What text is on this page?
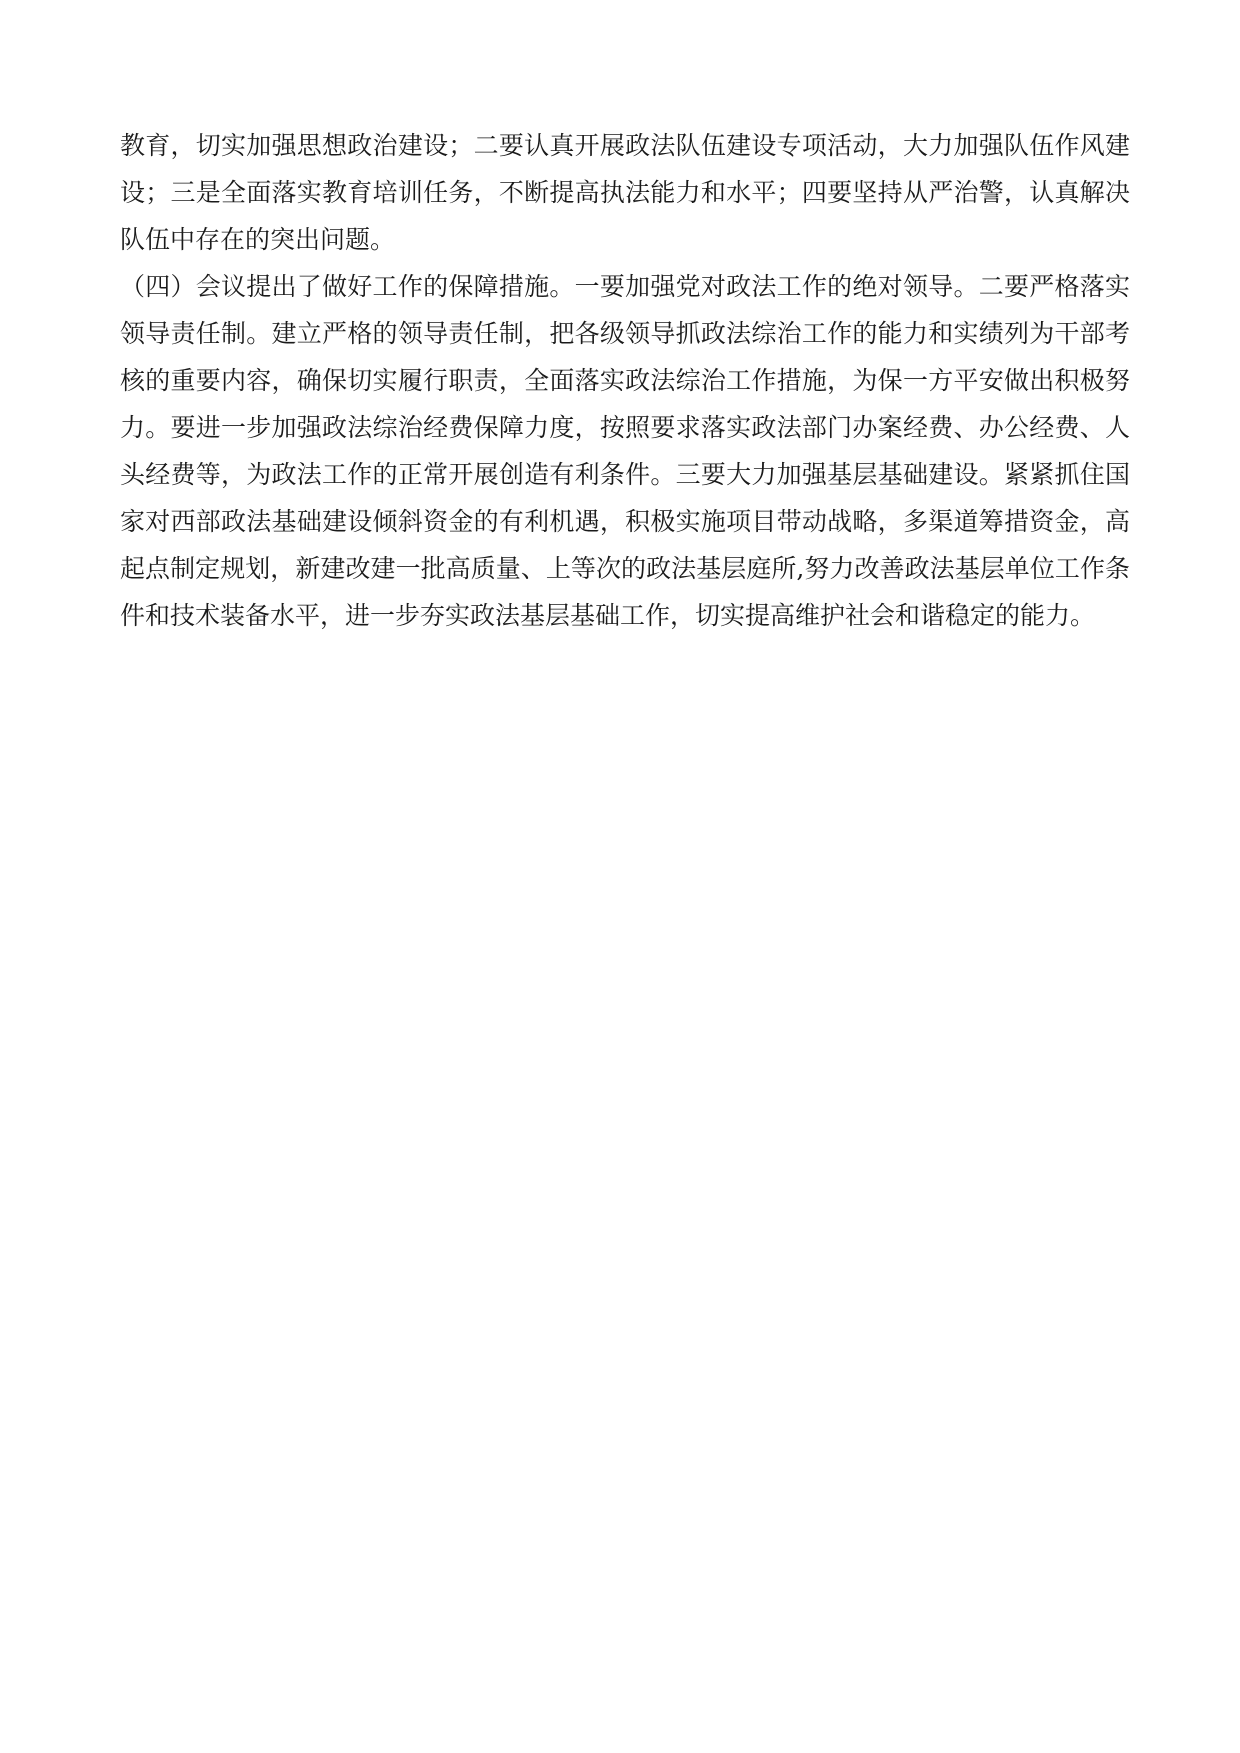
教育，切实加强思想政治建设；二要认真开展政法队伍建设专项活动，大力加强队伍作风建
设；三是全面落实教育培训任务，不断提高执法能力和水平；四要坚持从严治警，认真解决
队伍中存在的突出问题。
（四）会议提出了做好工作的保障措施。一要加强党对政法工作的绝对领导。二要严格落实
领导责任制。建立严格的领导责任制，把各级领导抓政法综治工作的能力和实绩列为干部考
核的重要内容，确保切实履行职责，全面落实政法综治工作措施，为保一方平安做出积极努
力。要进一步加强政法综治经费保障力度，按照要求落实政法部门办案经费、办公经费、人
头经费等，为政法工作的正常开展创造有利条件。三要大力加强基层基础建设。紧紧抓住国
家对西部政法基础建设倾斜资金的有利机遇，积极实施项目带动战略，多渠道筹措资金，高
起点制定规划，新建改建一批高质量、上等次的政法基层庭所,努力改善政法基层单位工作条
件和技术装备水平，进一步夯实政法基层基础工作，切实提高维护社会和谐稳定的能力。
